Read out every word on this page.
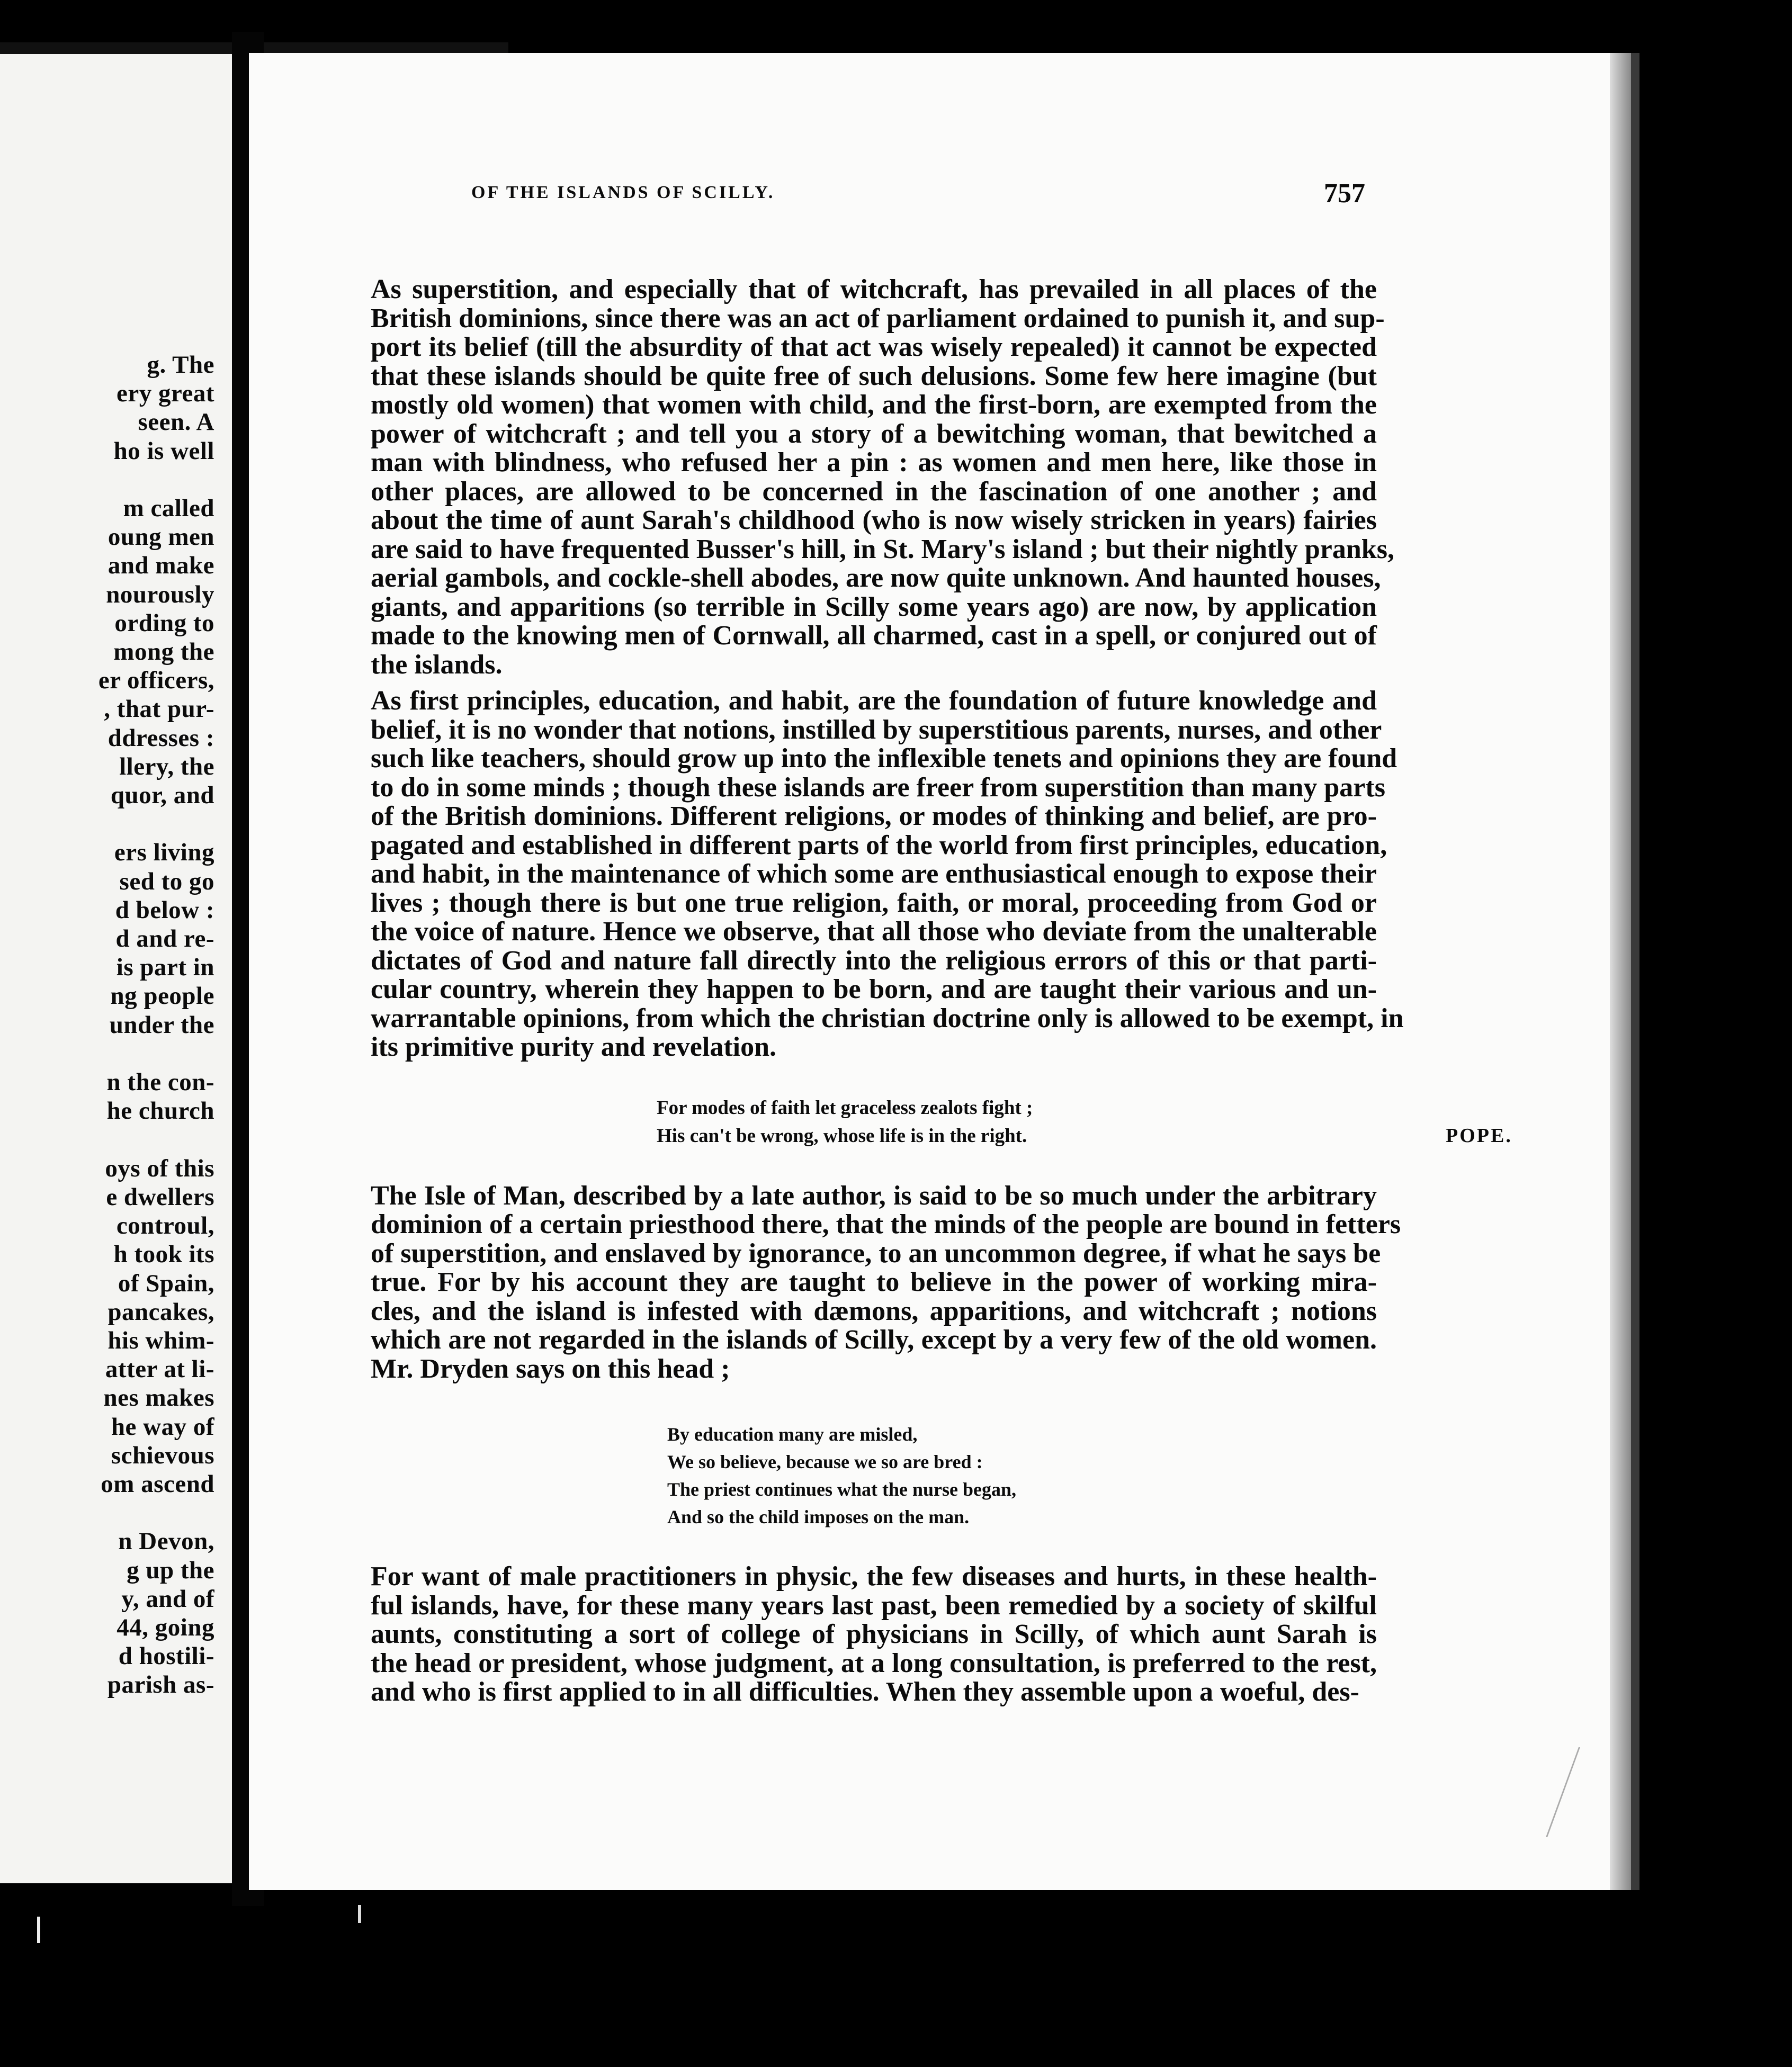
g. The
ery great
seen. A
ho is well

m called
oung men
and make
nourously
ording to
mong the
er officers,
, that pur-
ddresses :
llery, the
quor, and

ers living
sed to go
d below :
d and re-
is part in
ng people
under the

n the con-
he church

oys of this
e dwellers
controul,
h took its
of Spain,
pancakes,
his whim-
atter at li-
nes makes
he way of
schievous
om ascend

n Devon,
g up the
y, and of
44, going
d hostili-
parish as-
OF THE ISLANDS OF SCILLY.	757
As superstition, and especially that of witchcraft, has prevailed in all places of the
British dominions, since there was an act of parliament ordained to punish it, and sup-
port its belief (till the absurdity of that act was wisely repealed) it cannot be expected
that these islands should be quite free of such delusions. Some few here imagine (but
mostly old women) that women with child, and the first-born, are exempted from the
power of witchcraft ; and tell you a story of a bewitching woman, that bewitched a
man with blindness, who refused her a pin : as women and men here, like those in
other places, are allowed to be concerned in the fascination of one another ; and
about the time of aunt Sarah's childhood (who is now wisely stricken in years) fairies
are said to have frequented Busser's hill, in St. Mary's island ; but their nightly pranks,
aerial gambols, and cockle-shell abodes, are now quite unknown. And haunted houses,
giants, and apparitions (so terrible in Scilly some years ago) are now, by application
made to the knowing men of Cornwall, all charmed, cast in a spell, or conjured out of
the islands.
As first principles, education, and habit, are the foundation of future knowledge and
belief, it is no wonder that notions, instilled by superstitious parents, nurses, and other
such like teachers, should grow up into the inflexible tenets and opinions they are found
to do in some minds ; though these islands are freer from superstition than many parts
of the British dominions. Different religions, or modes of thinking and belief, are pro-
pagated and established in different parts of the world from first principles, education,
and habit, in the maintenance of which some are enthusiastical enough to expose their
lives ; though there is but one true religion, faith, or moral, proceeding from God or
the voice of nature. Hence we observe, that all those who deviate from the unalterable
dictates of God and nature fall directly into the religious errors of this or that parti-
cular country, wherein they happen to be born, and are taught their various and un-
warrantable opinions, from which the christian doctrine only is allowed to be exempt, in
its primitive purity and revelation.
For modes of faith let graceless zealots fight ;
His can't be wrong, whose life is in the right.	POPE.
The Isle of Man, described by a late author, is said to be so much under the arbitrary
dominion of a certain priesthood there, that the minds of the people are bound in fetters
of superstition, and enslaved by ignorance, to an uncommon degree, if what he says be
true. For by his account they are taught to believe in the power of working mira-
cles, and the island is infested with dæmons, apparitions, and witchcraft ; notions
which are not regarded in the islands of Scilly, except by a very few of the old women.
Mr. Dryden says on this head ;
By education many are misled,
We so believe, because we so are bred :
The priest continues what the nurse began,
And so the child imposes on the man.
For want of male practitioners in physic, the few diseases and hurts, in these health-
ful islands, have, for these many years last past, been remedied by a society of skilful
aunts, constituting a sort of college of physicians in Scilly, of which aunt Sarah is
the head or president, whose judgment, at a long consultation, is preferred to the rest,
and who is first applied to in all difficulties. When they assemble upon a woeful, des-
